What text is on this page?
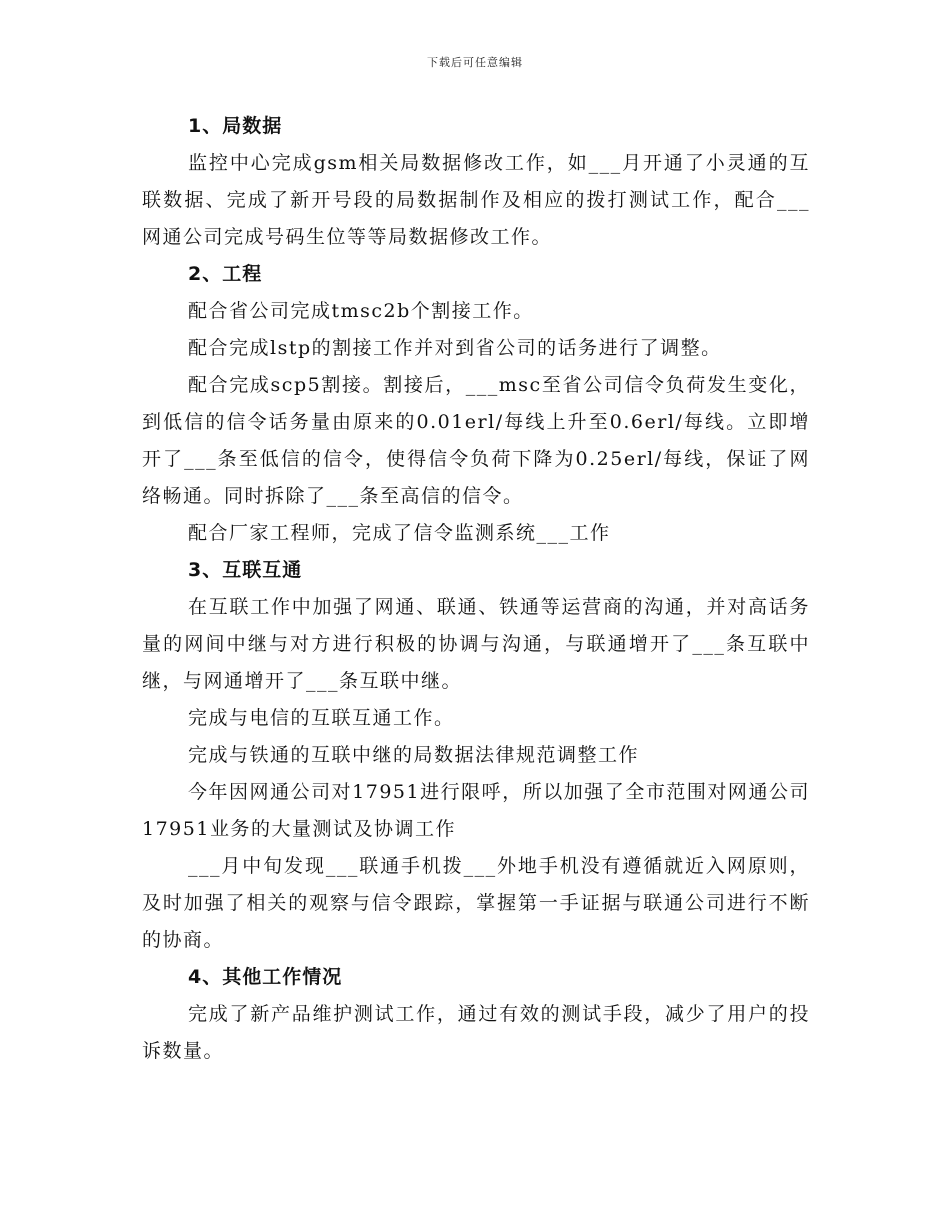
下载后可任意编辑
1、局数据

监控中心完成gsm相关局数据修改工作，如___月开通了小灵通的互联数据、完成了新开号段的局数据制作及相应的拨打测试工作，配合___网通公司完成号码生位等等局数据修改工作。

2、工程

配合省公司完成tmsc2b个割接工作。

配合完成lstp的割接工作并对到省公司的话务进行了调整。

配合完成scp5割接。割接后，___msc至省公司信令负荷发生变化，到低信的信令话务量由原来的0.01erl/每线上升至0.6erl/每线。立即增开了___条至低信的信令，使得信令负荷下降为0.25erl/每线，保证了网络畅通。同时拆除了___条至高信的信令。

配合厂家工程师，完成了信令监测系统___工作

3、互联互通

在互联工作中加强了网通、联通、铁通等运营商的沟通，并对高话务量的网间中继与对方进行积极的协调与沟通，与联通增开了___条互联中继，与网通增开了___条互联中继。

完成与电信的互联互通工作。

完成与铁通的互联中继的局数据法律规范调整工作

今年因网通公司对17951进行限呼，所以加强了全市范围对网通公司17951业务的大量测试及协调工作

___月中旬发现___联通手机拨___外地手机没有遵循就近入网原则，及时加强了相关的观察与信令跟踪，掌握第一手证据与联通公司进行不断的协商。

4、其他工作情况

完成了新产品维护测试工作，通过有效的测试手段，减少了用户的投诉数量。
